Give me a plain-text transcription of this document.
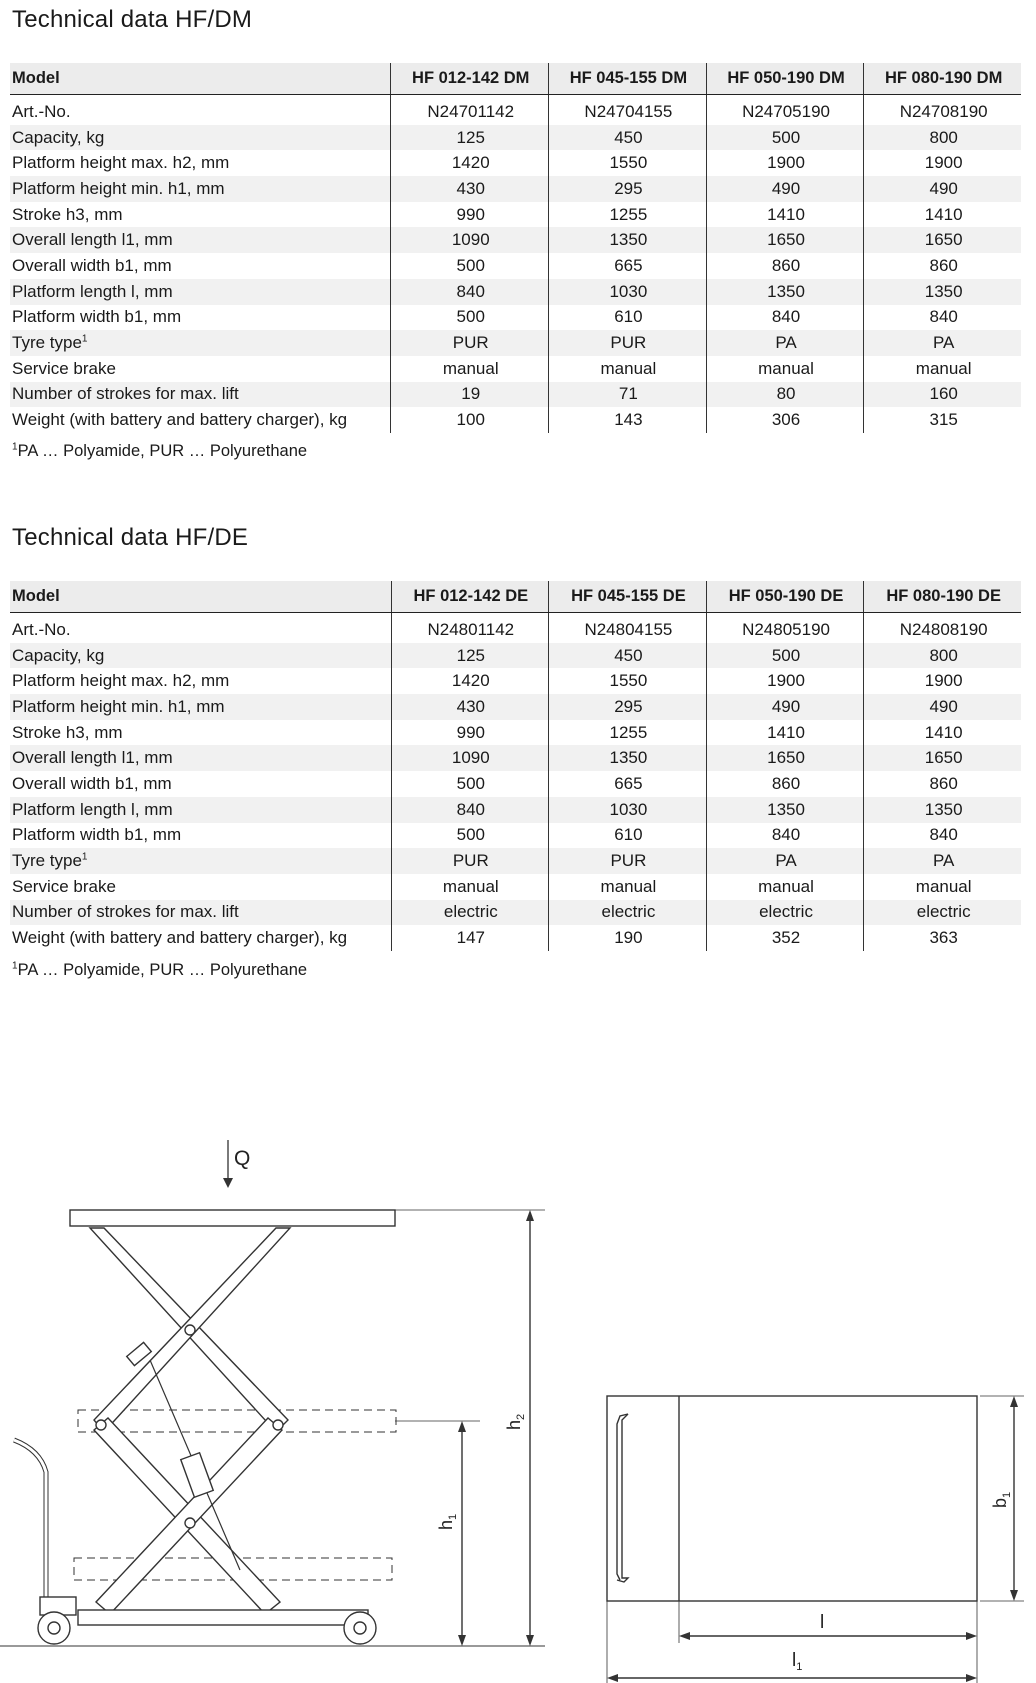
Technical data HF/DM
Model	HF 012-142 DM	HF 045-155 DM	HF 050-190 DM	HF 080-190 DM
Art.-No.	N24701142	N24704155	N24705190	N24708190
Capacity, kg	125	450	500	800
Platform height max. h2, mm	1420	1550	1900	1900
Platform height min. h1, mm	430	295	490	490
Stroke h3, mm	990	1255	1410	1410
Overall length l1, mm	1090	1350	1650	1650
Overall width b1, mm	500	665	860	860
Platform length l, mm	840	1030	1350	1350
Platform width b1, mm	500	610	840	840
Tyre type$^1$	PUR	PUR	PA	PA
Service brake	manual	manual	manual	manual
Number of strokes for max. lift	19	71	80	160
Weight (with battery and battery charger), kg	100	143	306	315

$^1$PA … Polyamide, PUR … Polyurethane

Technical data HF/DE
Model	HF 012-142 DE	HF 045-155 DE	HF 050-190 DE	HF 080-190 DE
Art.-No.	N24801142	N24804155	N24805190	N24808190
Capacity, kg	125	450	500	800
Platform height max. h2, mm	1420	1550	1900	1900
Platform height min. h1, mm	430	295	490	490
Stroke h3, mm	990	1255	1410	1410
Overall length l1, mm	1090	1350	1650	1650
Overall width b1, mm	500	665	860	860
Platform length l, mm	840	1030	1350	1350
Platform width b1, mm	500	610	840	840
Tyre type$^1$	PUR	PUR	PA	PA
Service brake	manual	manual	manual	manual
Number of strokes for max. lift	electric	electric	electric	electric
Weight (with battery and battery charger), kg	147	190	352	363

$^1$PA … Polyamide, PUR … Polyurethane

Q
$h_1$
$h_2$
$b_1$
l
$l_1$
